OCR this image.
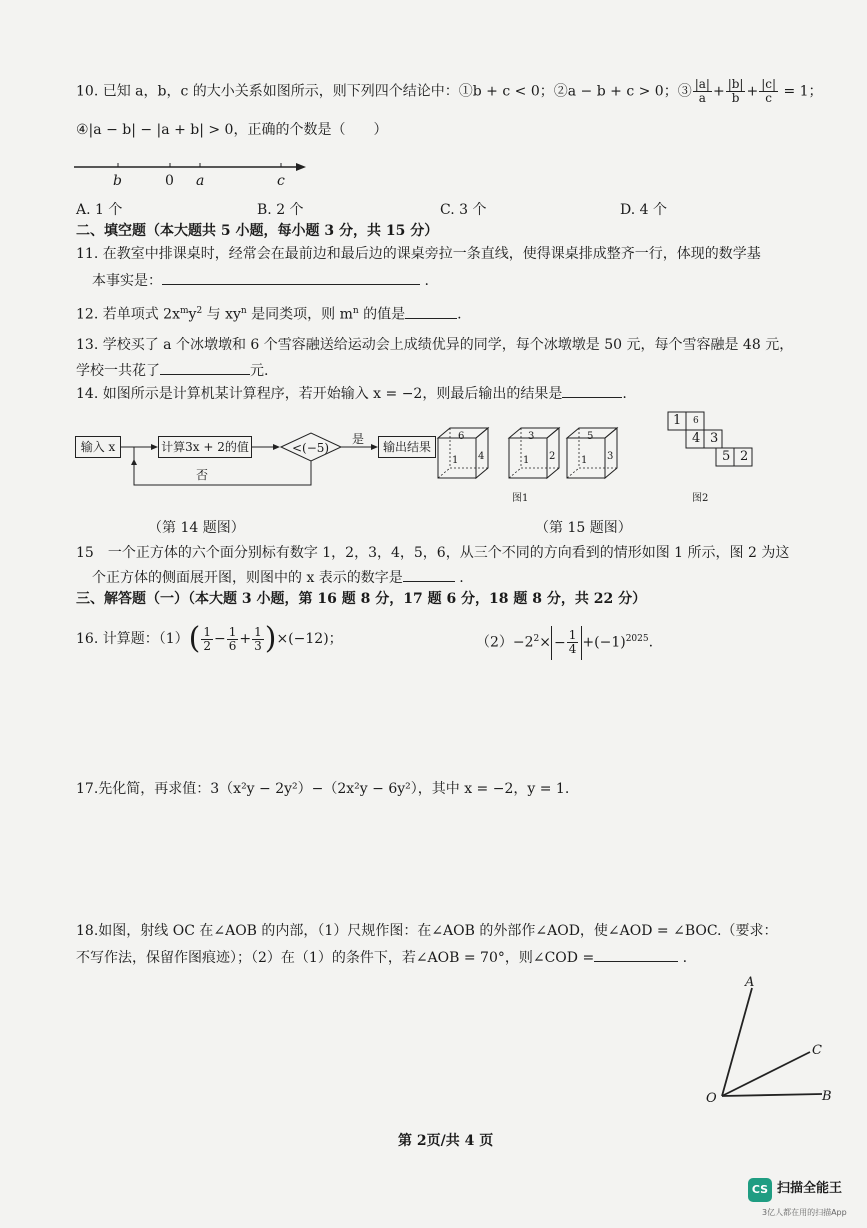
10. 已知 a，b，c 的大小关系如图所示，则下列四个结论中：①b + c < 0；②a − b + c > 0；③ $\frac{|a|}{a} + \frac{|b|}{b} + \frac{|c|}{c} = 1$；
④|a − b| − |a + b| > 0，正确的个数是（　　）
b	0 a	c
A. 1 个	B. 2 个	C. 3 个	D. 4 个
二、填空题（本大题共 5 小题，每小题 3 分，共 15 分）
11. 在教室中排课桌时，经常会在最前边和最后边的课桌旁拉一条直线，使得课桌排成整齐一行，体现的数学基
本事实是：	.
12. 若单项式 $2x^my^2$ 与 $xy^n$ 是同类项，则 $m^n$ 的值是	.
13. 学校买了 a 个冰墩墩和 6 个雪容融送给运动会上成绩优异的同学，每个冰墩墩是 50 元，每个雪容融是 48 元，
学校一共花了	元.
14. 如图所示是计算机某计算程序，若开始输入 x = −2，则最后输出的结果是	.
输入 x	计算3x + 2的值	<(−5)
是
否
输出结果
（第 14 题图）
6
1 4
3
1 2
5
1 3
图1
1 6
4 3
5 2
图2
（第 15 题图）
15　一个正方体的六个面分别标有数字 1，2，3，4，5，6，从三个不同的方向看到的情形如图 1 所示，图 2 为这
个正方体的侧面展开图，则图中的 x 表示的数字是	.
三、解答题（一）（本大题 3 小题，第 16 题 8 分，17 题 6 分，18 题 8 分，共 22 分）
16. 计算题：$(1)( \frac{1}{2} - \frac{1}{6} + \frac{1}{3} )\times(-12)$；	$(2)-2^2\times - \frac{1}{4} +(-1)^{2025}$.
17.先化简，再求值：3（x²y − 2y²）−（2x²y − 6y²），其中 x = −2，y = 1.
18.如图，射线 OC 在∠AOB 的内部，（1）尺规作图：在∠AOB 的外部作∠AOD，使∠AOD = ∠BOC.（要求：
不写作法，保留作图痕迹）；（2）在（1）的条件下，若∠AOB = 70°，则∠COD =	.
A
C
O	B
第 2页/共 4 页
CS 扫描全能王
3亿人都在用的扫描App
